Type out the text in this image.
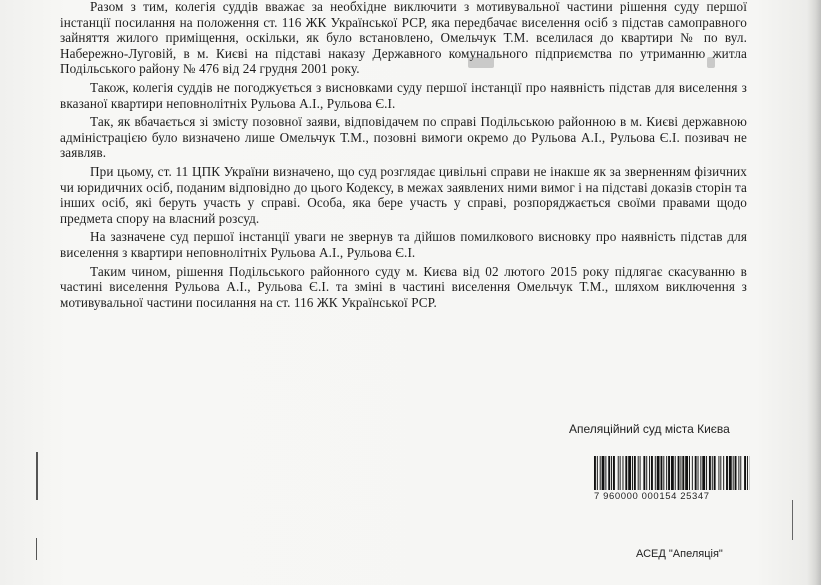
Разом з тим, колегія суддів вважає за необхідне виключити з мотивувальної частини рішення суду першої інстанції посилання на положення ст. 116 ЖК Української РСР, яка передбачає виселення осіб з підстав самоправного зайняття жилого приміщення, оскільки, як було встановлено, Омельчук Т.М. вселилася до квартири № по вул. Набережно-Луговій, в м. Києві на підставі наказу Державного комунального підприємства по утриманню житла Подільського району № 476 від 24 грудня 2001 року.

Також, колегія суддів не погоджується з висновками суду першої інстанції про наявність підстав для виселення з вказаної квартири неповнолітніх Рульова А.І., Рульова Є.І.

Так, як вбачається зі змісту позовної заяви, відповідачем по справі Подільською районною в м. Києві державною адміністрацією було визначено лише Омельчук Т.М., позовні вимоги окремо до Рульова А.І., Рульова Є.І. позивач не заявляв.

При цьому, ст. 11 ЦПК України визначено, що суд розглядає цивільні справи не інакше як за зверненням фізичних чи юридичних осіб, поданим відповідно до цього Кодексу, в межах заявлених ними вимог і на підставі доказів сторін та інших осіб, які беруть участь у справі. Особа, яка бере участь у справі, розпоряджається своїми правами щодо предмета спору на власний розсуд.

На зазначене суд першої інстанції уваги не звернув та дійшов помилкового висновку про наявність підстав для виселення з квартири неповнолітніх Рульова А.І., Рульова Є.І.

Таким чином, рішення Подільського районного суду м. Києва від 02 лютого 2015 року підлягає скасуванню в частині виселення Рульова А.І., Рульова Є.І. та зміні в частині виселення Омельчук Т.М., шляхом виключення з мотивувальної частини посилання на ст. 116 ЖК Української РСР.

Апеляційний суд міста Києва
7 960000 000154 25347
АСЕД "Апеляція"
